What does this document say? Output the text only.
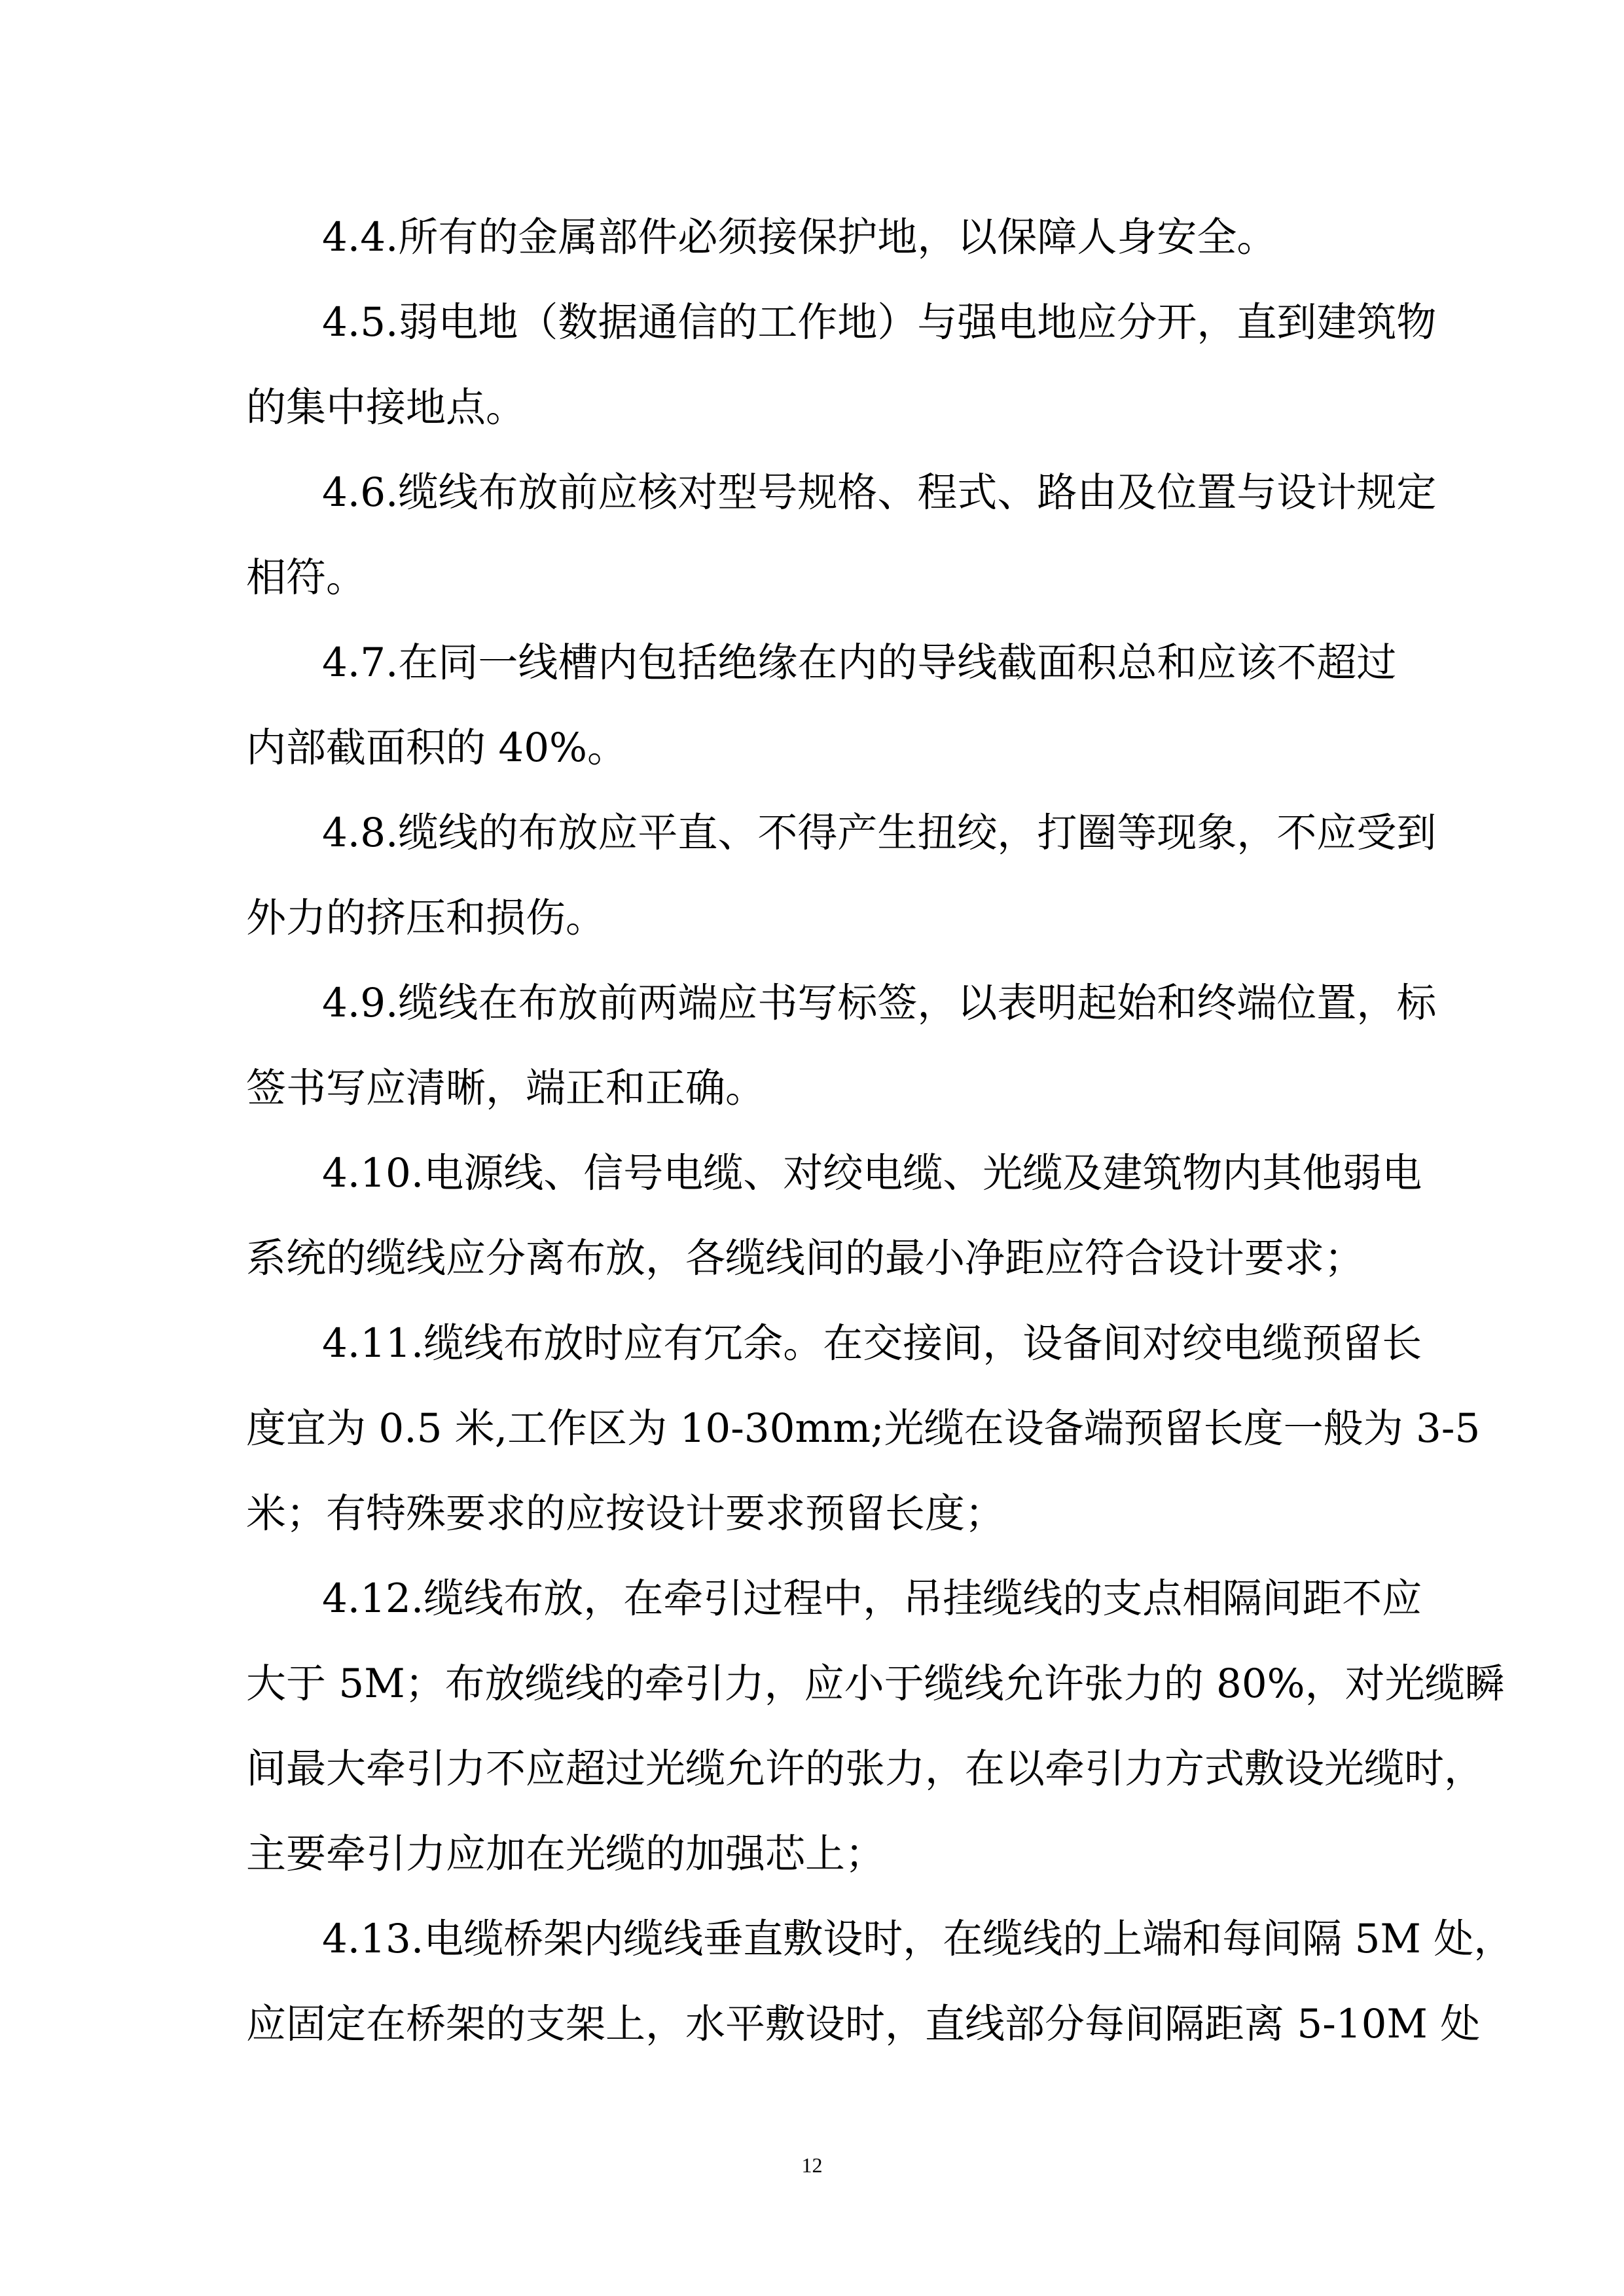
4.4.所有的金属部件必须接保护地，以保障人身安全。
4.5.弱电地（数据通信的工作地）与强电地应分开，直到建筑物
的集中接地点。
4.6.缆线布放前应核对型号规格、程式、路由及位置与设计规定
相符。
4.7.在同一线槽内包括绝缘在内的导线截面积总和应该不超过
内部截面积的 40%。
4.8.缆线的布放应平直、不得产生扭绞，打圈等现象，不应受到
外力的挤压和损伤。
4.9.缆线在布放前两端应书写标签，以表明起始和终端位置，标
签书写应清晰，端正和正确。
4.10.电源线、信号电缆、对绞电缆、光缆及建筑物内其他弱电
系统的缆线应分离布放，各缆线间的最小净距应符合设计要求；
4.11.缆线布放时应有冗余。在交接间，设备间对绞电缆预留长
度宜为 0.5 米,工作区为 10-30mm;光缆在设备端预留长度一般为 3-5
米；有特殊要求的应按设计要求预留长度；
4.12.缆线布放，在牵引过程中，吊挂缆线的支点相隔间距不应
大于 5M；布放缆线的牵引力，应小于缆线允许张力的 80%，对光缆瞬
间最大牵引力不应超过光缆允许的张力，在以牵引力方式敷设光缆时，
主要牵引力应加在光缆的加强芯上；
4.13.电缆桥架内缆线垂直敷设时，在缆线的上端和每间隔 5M 处，
应固定在桥架的支架上，水平敷设时，直线部分每间隔距离 5-10M 处
12
